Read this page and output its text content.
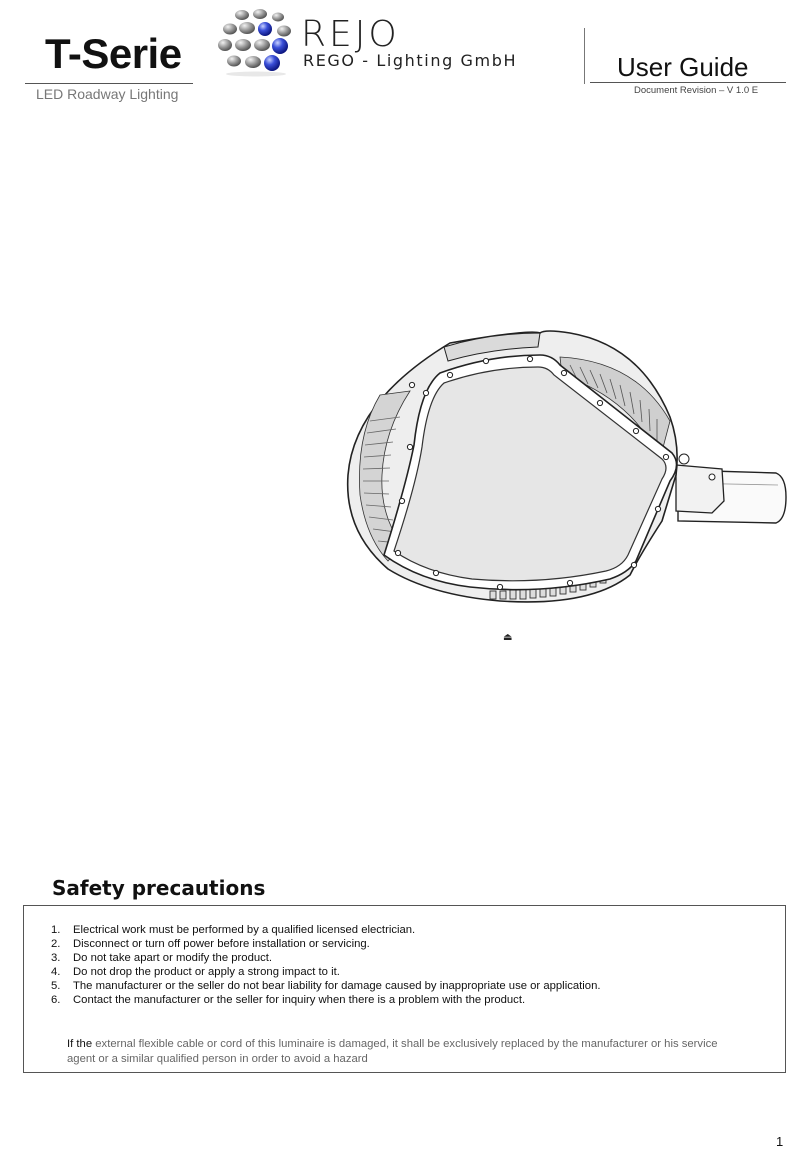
T-Serie
LED Roadway Lighting
REJO
REGO - Lighting GmbH	User Guide
Document Revision – V 1.0 E
⏏
Safety precautions
1.	Electrical work must be performed by a qualified licensed electrician.
2.	Disconnect or turn off power before installation or servicing.
3.	Do not take apart or modify the product.
4.	Do not drop the product or apply a strong impact to it.
5.	The manufacturer or the seller do not bear liability for damage caused by inappropriate use or application.
6.	Contact the manufacturer or the seller for inquiry when there is a problem with the product.

If the external flexible cable or cord of this luminaire is damaged, it shall be exclusively replaced by the manufacturer or his service agent or a similar qualified person in order to avoid a hazard

1
